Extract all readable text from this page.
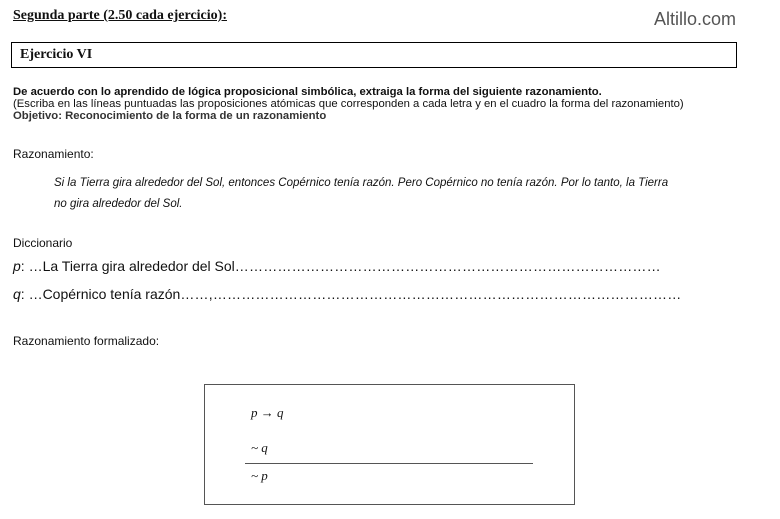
Segunda parte (2.50 cada ejercicio):	Altillo.com
Ejercicio VI
De acuerdo con lo aprendido de lógica proposicional simbólica, extraiga la forma del siguiente razonamiento.
(Escriba en las líneas puntuadas las proposiciones atómicas que corresponden a cada letra y en el cuadro la forma del razonamiento)
Objetivo: Reconocimiento de la forma de un razonamiento
Razonamiento:
Si la Tierra gira alrededor del Sol, entonces Copérnico tenía razón. Pero Copérnico no tenía razón. Por lo tanto, la Tierra
no gira alrededor del Sol.
Diccionario
p: …La Tierra gira alrededor del Sol………………………………………………………………………………
q: …Copérnico tenía razón……,………………………………………………………………………………………
Razonamiento formalizado:
p → q
~ q
~ p
